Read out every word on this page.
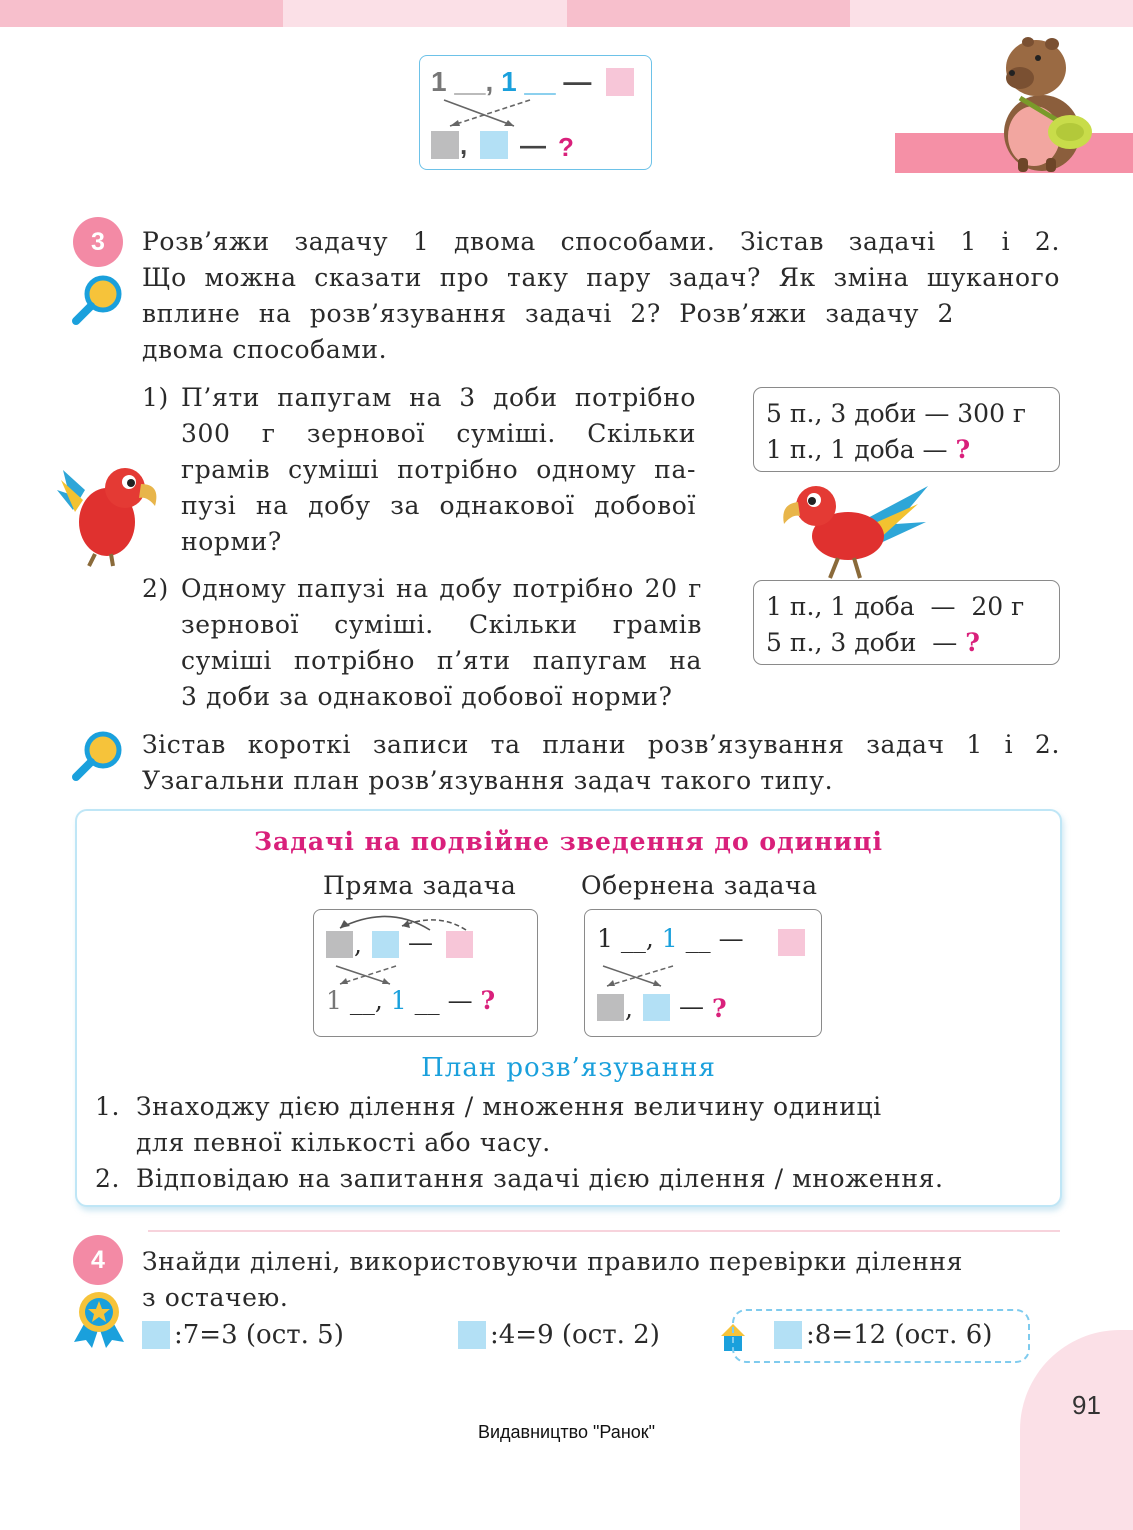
1 __, 1 __ —
, — ?
3	Розв’яжи задачу 1 двома способами. Зістав задачі 1 і 2.
Що можна сказати про таку пару задач? Як зміна шуканого
вплине на розв’язування задачі 2? Розв’яжи задачу 2
двома способами.
1) П’яти папугам на 3 доби потрібно
300 г зернової суміші. Скільки
грамів суміші потрібно одному па-
пузі на добу за однакової добової
норми?
2) Одному папузі на добу потрібно 20 г
зернової суміші. Скільки грамів
суміші потрібно п’яти папугам на
3 доби за однакової добової норми?
5 п., 3 доби — 300 г
1 п., 1 доба — ?
1 п., 1 доба  —  20 г
5 п., 3 доби  — ?
Зістав короткі записи та плани розв’язування задач 1 і 2.
Узагальни план розв’язування задач такого типу.
Задачі на подвійне зведення до одиниці
Пряма задача	Обернена задача
, —
1 __, 1 __ — ?
1 __, 1 __ —
, — ?
План розв’язування
1. Знаходжу дією ділення / множення величину одиниці
для певної кількості або часу.
2. Відповідаю на запитання задачі дією ділення / множення.
4	Знайди ділені, використовуючи правило перевірки ділення
з остачею.
:7=3 (ост. 5)	:4=9 (ост. 2)	:8=12 (ост. 6)
91
Видавництво "Ранок"
